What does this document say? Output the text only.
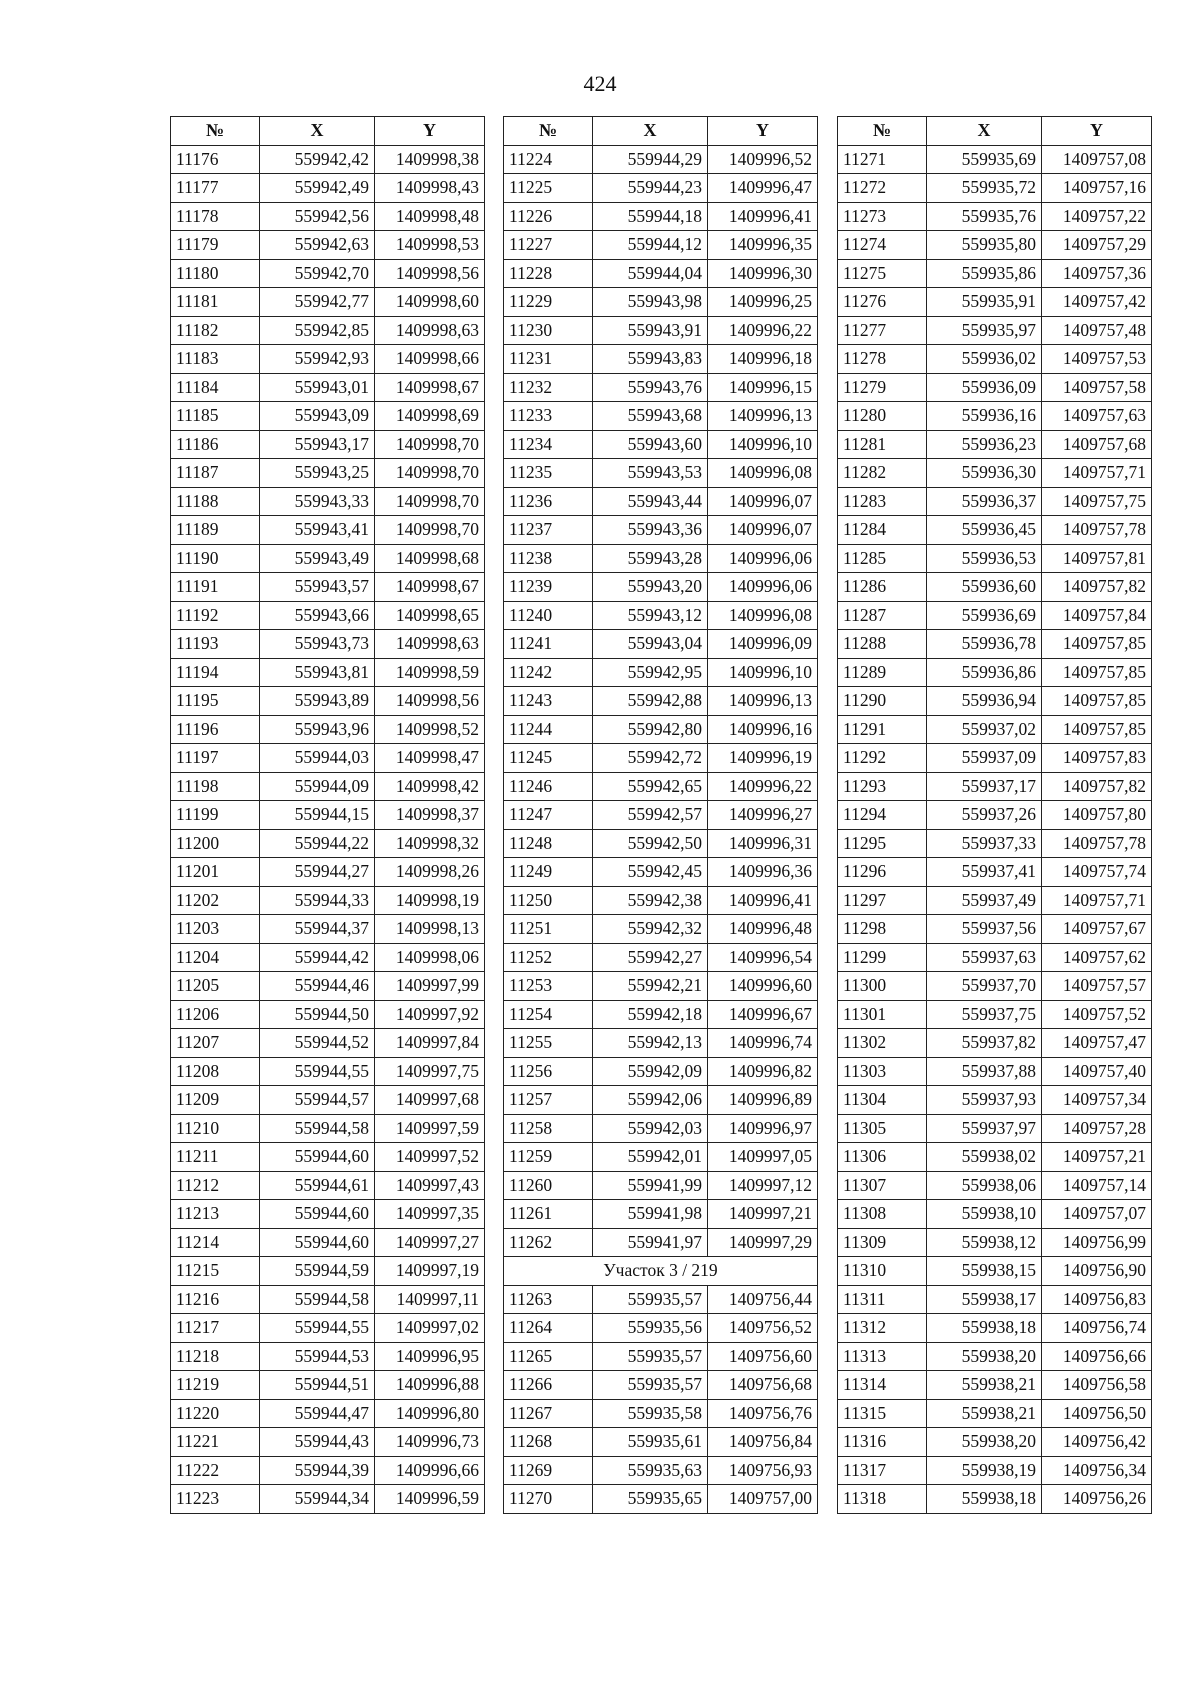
424
№	X	Y
11176	559942,42	1409998,38
11177	559942,49	1409998,43
11178	559942,56	1409998,48
11179	559942,63	1409998,53
11180	559942,70	1409998,56
11181	559942,77	1409998,60
11182	559942,85	1409998,63
11183	559942,93	1409998,66
11184	559943,01	1409998,67
11185	559943,09	1409998,69
11186	559943,17	1409998,70
11187	559943,25	1409998,70
11188	559943,33	1409998,70
11189	559943,41	1409998,70
11190	559943,49	1409998,68
11191	559943,57	1409998,67
11192	559943,66	1409998,65
11193	559943,73	1409998,63
11194	559943,81	1409998,59
11195	559943,89	1409998,56
11196	559943,96	1409998,52
11197	559944,03	1409998,47
11198	559944,09	1409998,42
11199	559944,15	1409998,37
11200	559944,22	1409998,32
11201	559944,27	1409998,26
11202	559944,33	1409998,19
11203	559944,37	1409998,13
11204	559944,42	1409998,06
11205	559944,46	1409997,99
11206	559944,50	1409997,92
11207	559944,52	1409997,84
11208	559944,55	1409997,75
11209	559944,57	1409997,68
11210	559944,58	1409997,59
11211	559944,60	1409997,52
11212	559944,61	1409997,43
11213	559944,60	1409997,35
11214	559944,60	1409997,27
11215	559944,59	1409997,19
11216	559944,58	1409997,11
11217	559944,55	1409997,02
11218	559944,53	1409996,95
11219	559944,51	1409996,88
11220	559944,47	1409996,80
11221	559944,43	1409996,73
11222	559944,39	1409996,66
11223	559944,34	1409996,59
№	X	Y
11224	559944,29	1409996,52
11225	559944,23	1409996,47
11226	559944,18	1409996,41
11227	559944,12	1409996,35
11228	559944,04	1409996,30
11229	559943,98	1409996,25
11230	559943,91	1409996,22
11231	559943,83	1409996,18
11232	559943,76	1409996,15
11233	559943,68	1409996,13
11234	559943,60	1409996,10
11235	559943,53	1409996,08
11236	559943,44	1409996,07
11237	559943,36	1409996,07
11238	559943,28	1409996,06
11239	559943,20	1409996,06
11240	559943,12	1409996,08
11241	559943,04	1409996,09
11242	559942,95	1409996,10
11243	559942,88	1409996,13
11244	559942,80	1409996,16
11245	559942,72	1409996,19
11246	559942,65	1409996,22
11247	559942,57	1409996,27
11248	559942,50	1409996,31
11249	559942,45	1409996,36
11250	559942,38	1409996,41
11251	559942,32	1409996,48
11252	559942,27	1409996,54
11253	559942,21	1409996,60
11254	559942,18	1409996,67
11255	559942,13	1409996,74
11256	559942,09	1409996,82
11257	559942,06	1409996,89
11258	559942,03	1409996,97
11259	559942,01	1409997,05
11260	559941,99	1409997,12
11261	559941,98	1409997,21
11262	559941,97	1409997,29
Участок 3 / 219		
11263	559935,57	1409756,44
11264	559935,56	1409756,52
11265	559935,57	1409756,60
11266	559935,57	1409756,68
11267	559935,58	1409756,76
11268	559935,61	1409756,84
11269	559935,63	1409756,93
11270	559935,65	1409757,00
№	X	Y
11271	559935,69	1409757,08
11272	559935,72	1409757,16
11273	559935,76	1409757,22
11274	559935,80	1409757,29
11275	559935,86	1409757,36
11276	559935,91	1409757,42
11277	559935,97	1409757,48
11278	559936,02	1409757,53
11279	559936,09	1409757,58
11280	559936,16	1409757,63
11281	559936,23	1409757,68
11282	559936,30	1409757,71
11283	559936,37	1409757,75
11284	559936,45	1409757,78
11285	559936,53	1409757,81
11286	559936,60	1409757,82
11287	559936,69	1409757,84
11288	559936,78	1409757,85
11289	559936,86	1409757,85
11290	559936,94	1409757,85
11291	559937,02	1409757,85
11292	559937,09	1409757,83
11293	559937,17	1409757,82
11294	559937,26	1409757,80
11295	559937,33	1409757,78
11296	559937,41	1409757,74
11297	559937,49	1409757,71
11298	559937,56	1409757,67
11299	559937,63	1409757,62
11300	559937,70	1409757,57
11301	559937,75	1409757,52
11302	559937,82	1409757,47
11303	559937,88	1409757,40
11304	559937,93	1409757,34
11305	559937,97	1409757,28
11306	559938,02	1409757,21
11307	559938,06	1409757,14
11308	559938,10	1409757,07
11309	559938,12	1409756,99
11310	559938,15	1409756,90
11311	559938,17	1409756,83
11312	559938,18	1409756,74
11313	559938,20	1409756,66
11314	559938,21	1409756,58
11315	559938,21	1409756,50
11316	559938,20	1409756,42
11317	559938,19	1409756,34
11318	559938,18	1409756,26
